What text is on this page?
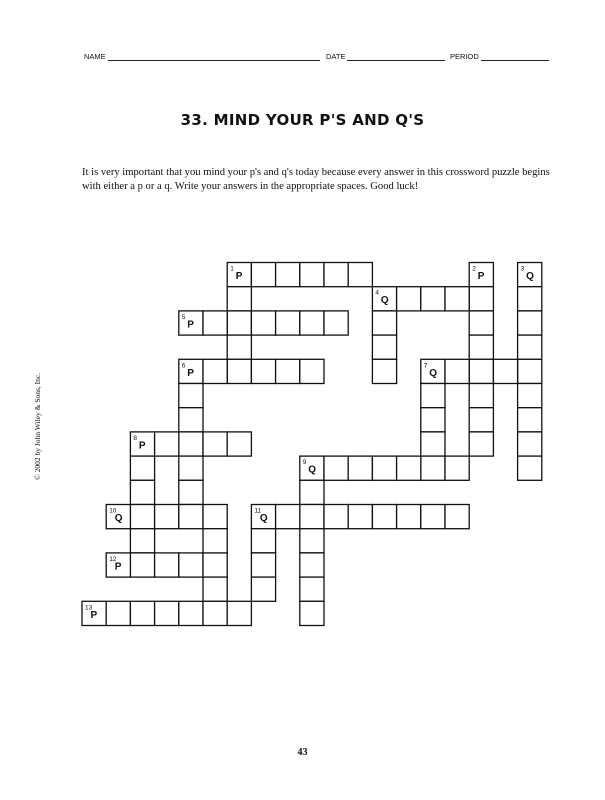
NAME	DATE	PERIOD
33. MIND YOUR P'S AND Q'S
It is very important that you mind your p's and q's today because every answer in this crossword puzzle begins with either a p or a q. Write your answers in the appropriate spaces. Good luck!
© 2002 by John Wiley & Sons, Inc.
1
P
2
P
3
Q
4
Q
5
P
6
P
7
Q
8
P
9
Q
10
Q
11
Q
12
P
13
P
43
